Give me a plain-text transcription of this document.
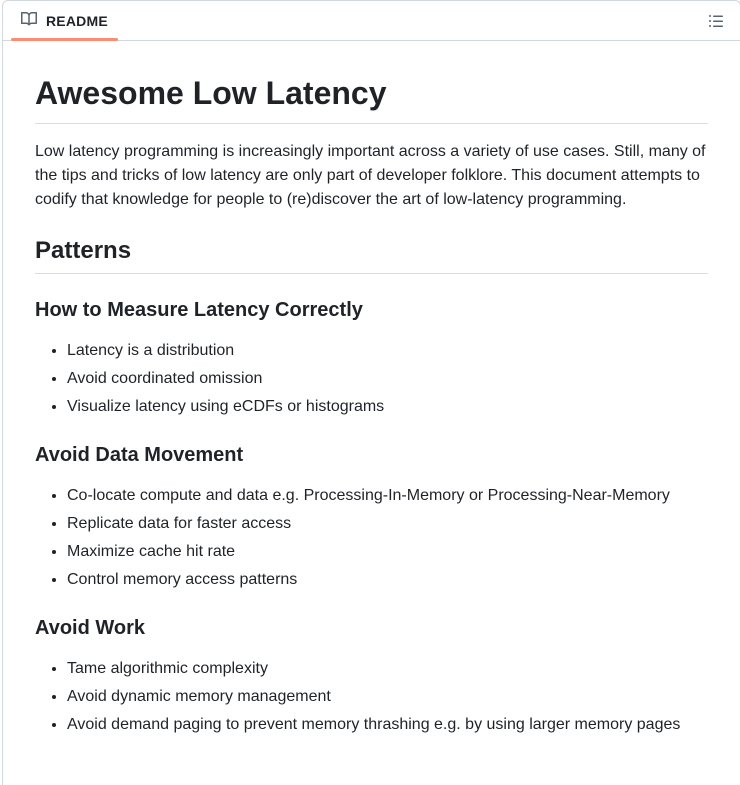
README
Awesome Low Latency

Low latency programming is increasingly important across a variety of use cases. Still, many of the tips and tricks of low latency are only part of developer folklore. This document attempts to codify that knowledge for people to (re)discover the art of low-latency programming.

Patterns
How to Measure Latency Correctly
• Latency is a distribution
• Avoid coordinated omission
• Visualize latency using eCDFs or histograms
Avoid Data Movement
• Co-locate compute and data e.g. Processing-In-Memory or Processing-Near-Memory
• Replicate data for faster access
• Maximize cache hit rate
• Control memory access patterns
Avoid Work
• Tame algorithmic complexity
• Avoid dynamic memory management
• Avoid demand paging to prevent memory thrashing e.g. by using larger memory pages
